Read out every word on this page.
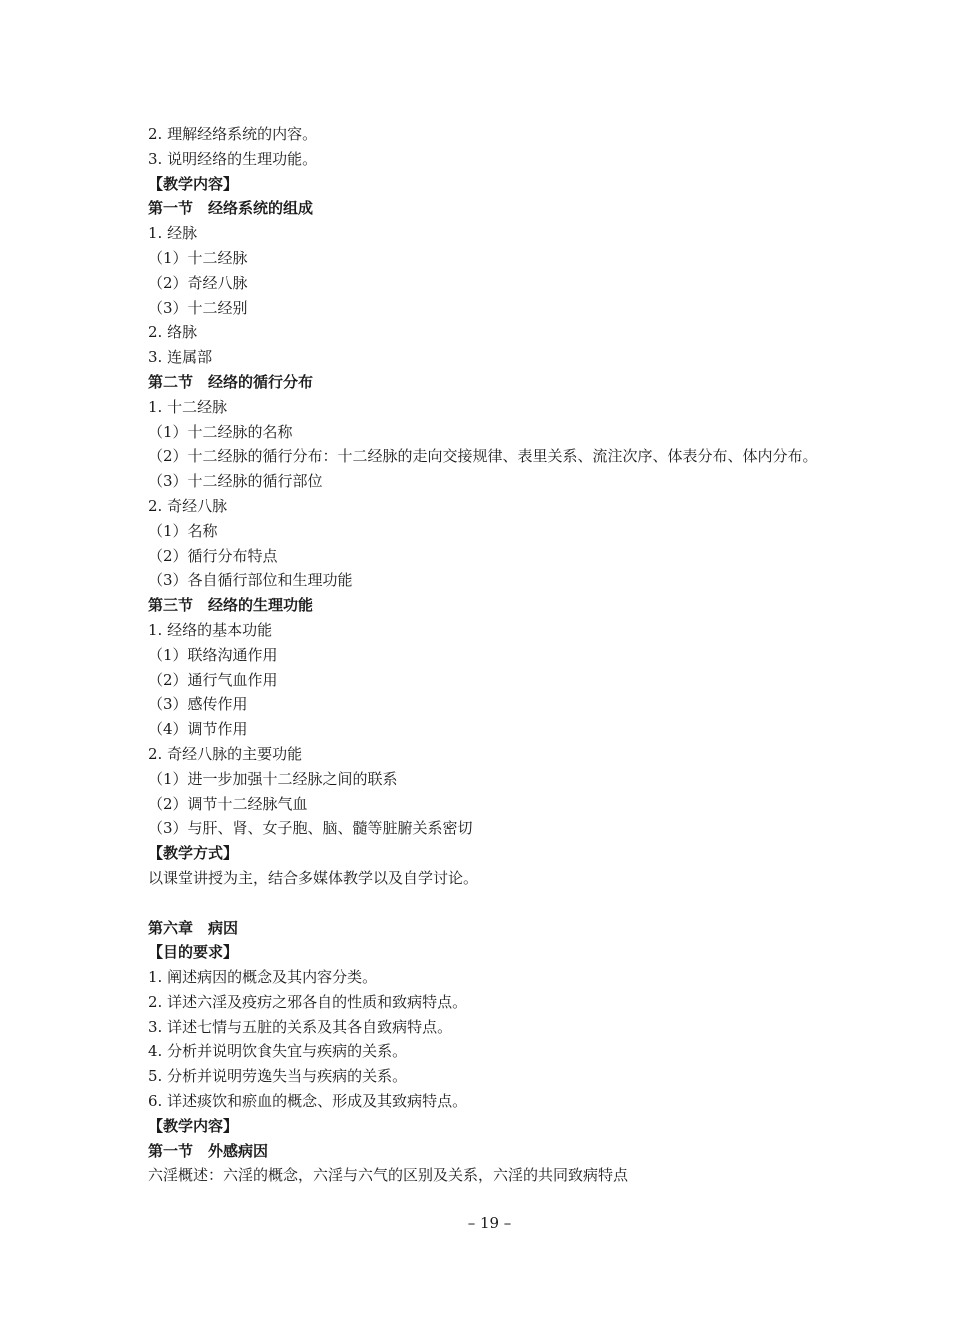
2. 理解经络系统的内容。
3. 说明经络的生理功能。
【教学内容】
第一节　经络系统的组成
1. 经脉
（1）十二经脉
（2）奇经八脉
（3）十二经别
2. 络脉
3. 连属部
第二节　经络的循行分布
1. 十二经脉
（1）十二经脉的名称
（2）十二经脉的循行分布：十二经脉的走向交接规律、表里关系、流注次序、体表分布、体内分布。
（3）十二经脉的循行部位
2. 奇经八脉
（1）名称
（2）循行分布特点
（3）各自循行部位和生理功能
第三节　经络的生理功能
1. 经络的基本功能
（1）联络沟通作用
（2）通行气血作用
（3）感传作用
（4）调节作用
2. 奇经八脉的主要功能
（1）进一步加强十二经脉之间的联系
（2）调节十二经脉气血
（3）与肝、肾、女子胞、脑、髓等脏腑关系密切
【教学方式】
以课堂讲授为主，结合多媒体教学以及自学讨论。
第六章　病因
【目的要求】
1. 阐述病因的概念及其内容分类。
2. 详述六淫及疫疠之邪各自的性质和致病特点。
3. 详述七情与五脏的关系及其各自致病特点。
4. 分析并说明饮食失宜与疾病的关系。
5. 分析并说明劳逸失当与疾病的关系。
6. 详述痰饮和瘀血的概念、形成及其致病特点。
【教学内容】
第一节　外感病因
六淫概述：六淫的概念，六淫与六气的区别及关系，六淫的共同致病特点
– 19 –
